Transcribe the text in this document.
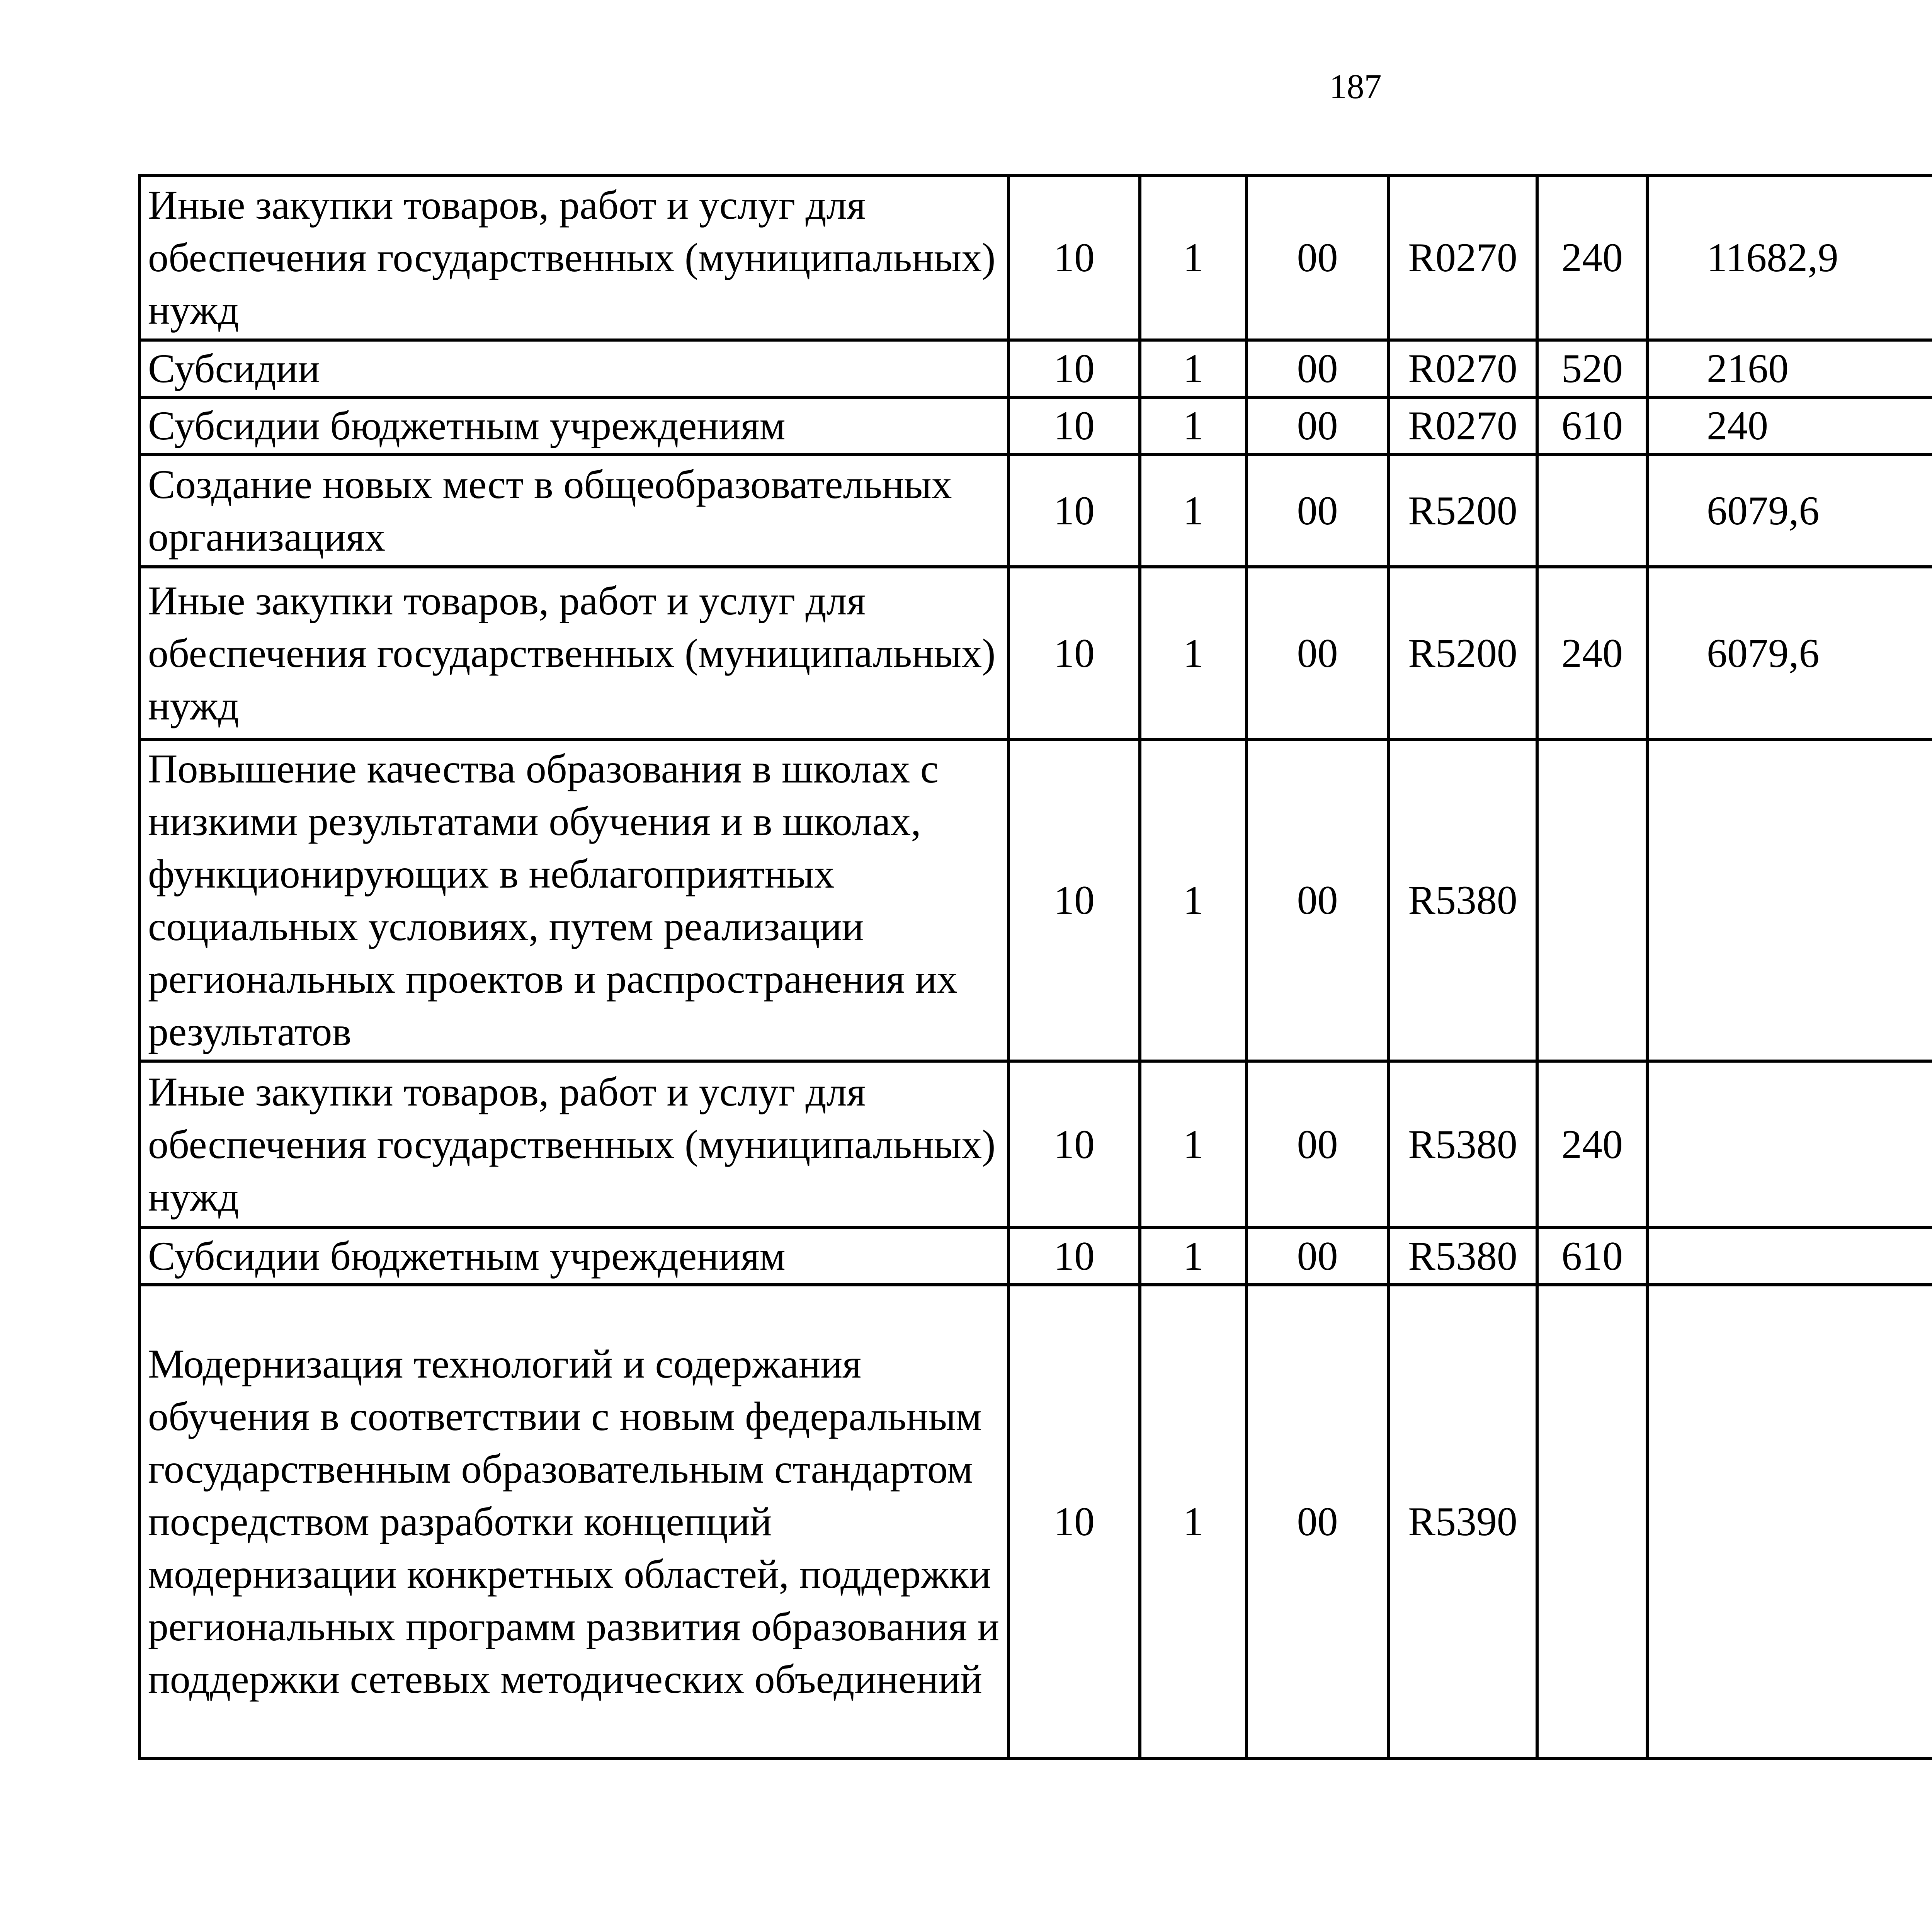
187
Иные закупки товаров, работ и услуг для обеспечения государственных (муниципальных) нужд	10	1	00	R0270	240	11682,9		
Субсидии	10	1	00	R0270	520	2160		
Субсидии бюджетным учреждениям	10	1	00	R0270	610	240		
Создание новых мест в общеобразовательных организациях	10	1	00	R5200		6079,6		
Иные закупки товаров, работ и услуг для обеспечения государственных (муниципальных) нужд	10	1	00	R5200	240	6079,6		
Повышение качества образования в школах с низкими результатами обучения и в школах, функционирующих в неблагоприятных социальных условиях, путем реализации региональных проектов и распространения их результатов	10	1	00	R5380				
Иные закупки товаров, работ и услуг для обеспечения государственных (муниципальных) нужд	10	1	00	R5380	240			
Субсидии бюджетным учреждениям	10	1	00	R5380	610			
Модернизация технологий и содержания обучения в соответствии с новым федеральным государственным образовательным стандартом посредством разработки концепций модернизации конкретных областей, поддержки региональных программ развития образования и поддержки сетевых методических объединений	10	1	00	R5390				
